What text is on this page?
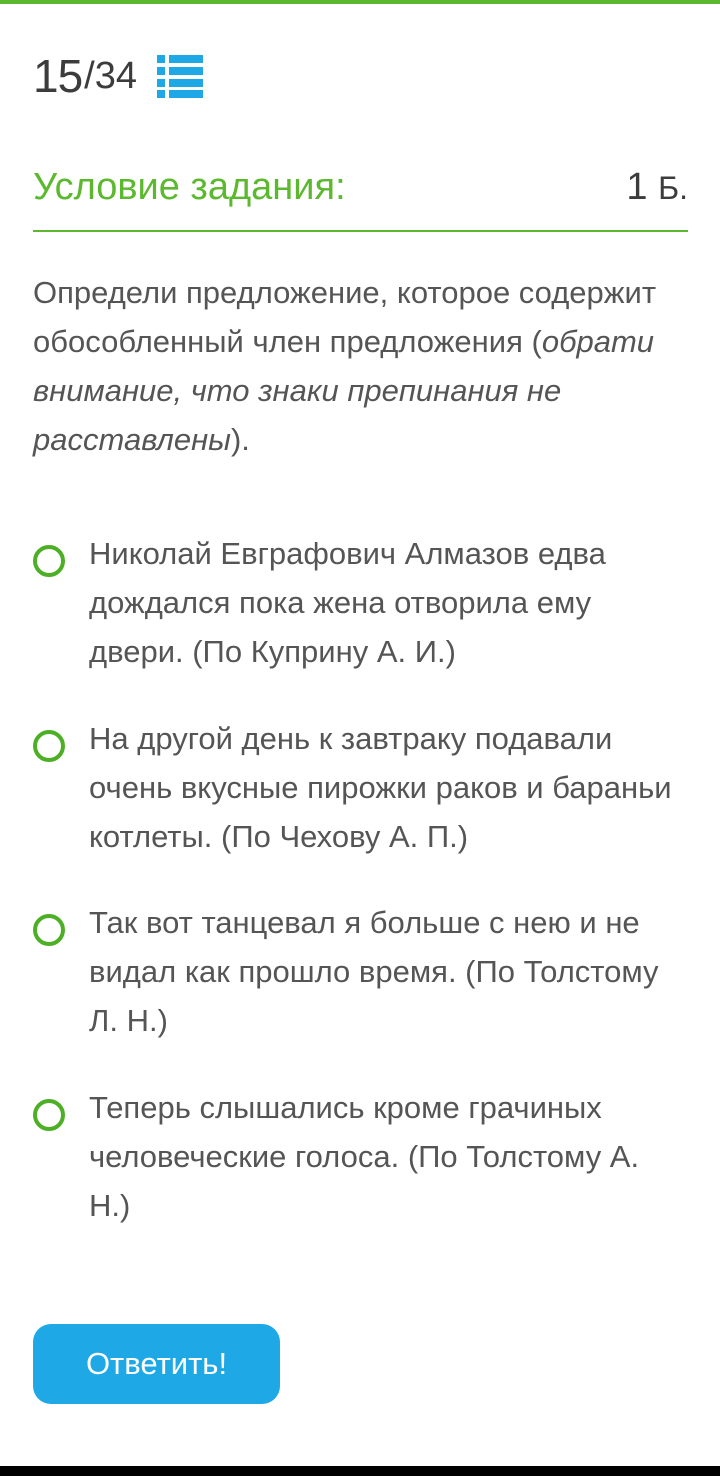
15 / 34
Условие задания:	1 Б.
Определи предложение, которое содержит обособленный член предложения (обрати внимание, что знаки препинания не расставлены).
Николай Евграфович Алмазов едва дождался пока жена отворила ему двери. (По Куприну А. И.)
На другой день к завтраку подавали очень вкусные пирожки раков и бараньи котлеты. (По Чехову А. П.)
Так вот танцевал я больше с нею и не видал как прошло время. (По Толстому Л. Н.)
Теперь слышались кроме грачиных человеческие голоса. (По Толстому А. Н.)
Ответить!
